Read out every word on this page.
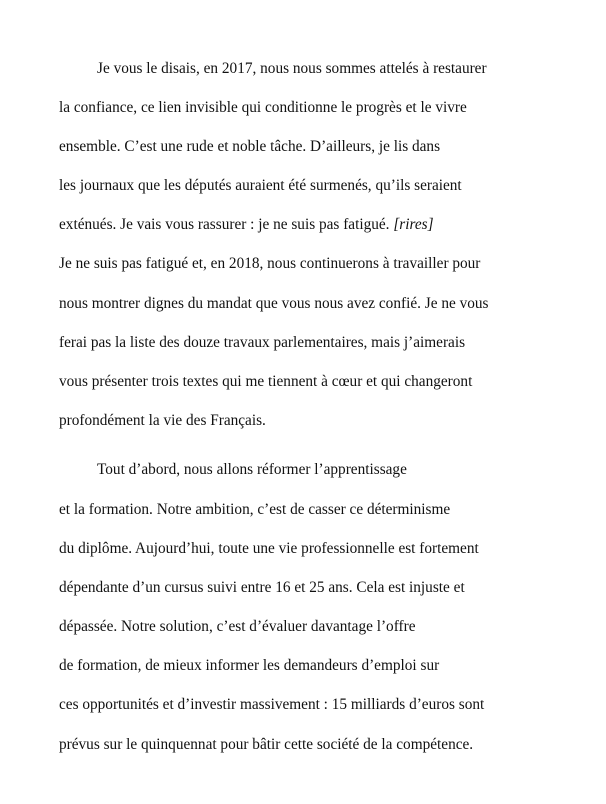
Je vous le disais, en 2017, nous nous sommes attelés à restaurer
la confiance, ce lien invisible qui conditionne le progrès et le vivre
ensemble. C’est une rude et noble tâche. D’ailleurs, je lis dans
les journaux que les députés auraient été surmenés, qu’ils seraient
exténués. Je vais vous rassurer : je ne suis pas fatigué. [rires]
Je ne suis pas fatigué et, en 2018, nous continuerons à travailler pour
nous montrer dignes du mandat que vous nous avez confié. Je ne vous
ferai pas la liste des douze travaux parlementaires, mais j’aimerais
vous présenter trois textes qui me tiennent à cœur et qui changeront
profondément la vie des Français.
Tout d’abord, nous allons réformer l’apprentissage
et la formation. Notre ambition, c’est de casser ce déterminisme
du diplôme. Aujourd’hui, toute une vie professionnelle est fortement
dépendante d’un cursus suivi entre 16 et 25 ans. Cela est injuste et
dépassée. Notre solution, c’est d’évaluer davantage l’offre
de formation, de mieux informer les demandeurs d’emploi sur
ces opportunités et d’investir massivement : 15 milliards d’euros sont
prévus sur le quinquennat pour bâtir cette société de la compétence.
